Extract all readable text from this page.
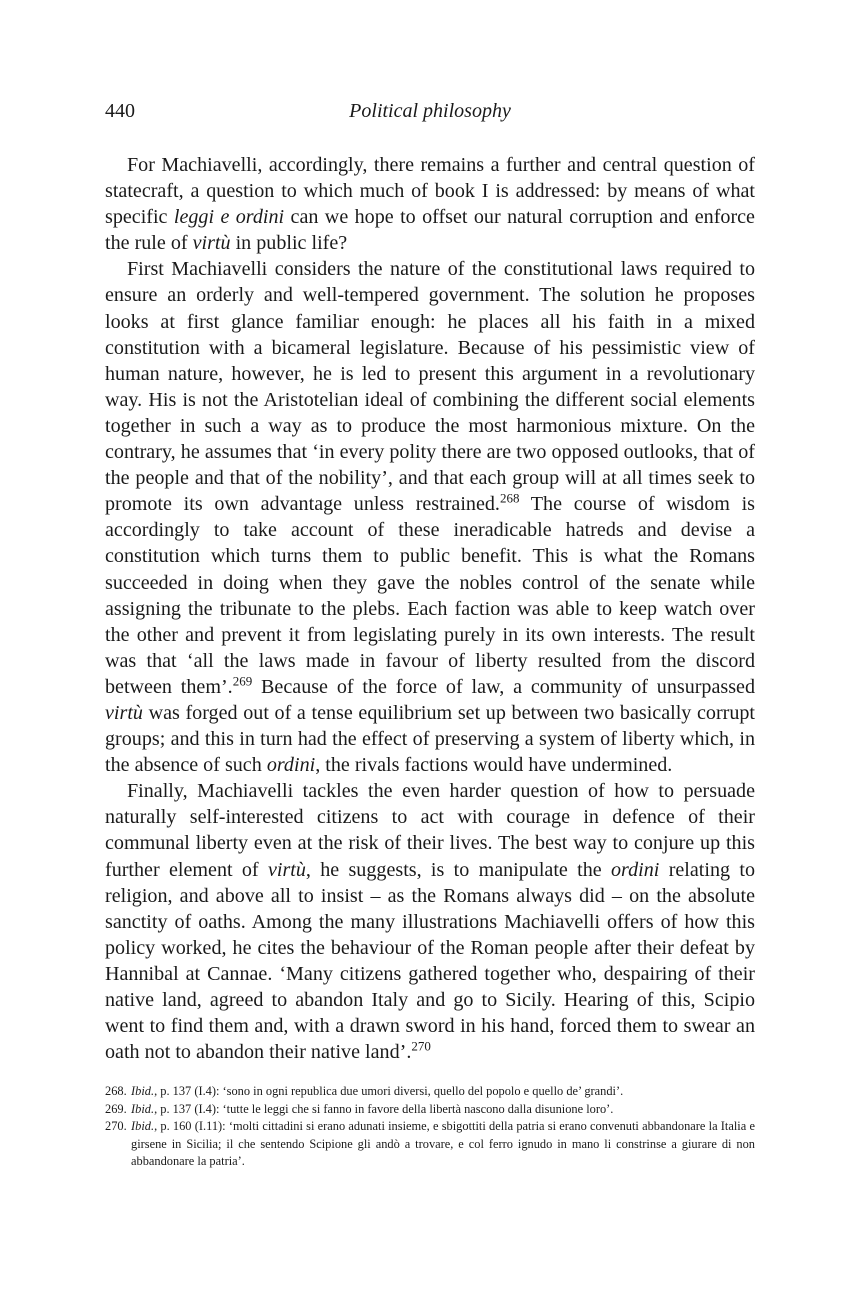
440	Political philosophy

For Machiavelli, accordingly, there remains a further and central question of statecraft, a question to which much of book I is addressed: by means of what specific leggi e ordini can we hope to offset our natural corruption and enforce the rule of virtù in public life?

First Machiavelli considers the nature of the constitutional laws required to ensure an orderly and well-tempered government. The solution he proposes looks at first glance familiar enough: he places all his faith in a mixed constitution with a bicameral legislature. Because of his pessimistic view of human nature, however, he is led to present this argument in a revolutionary way. His is not the Aristotelian ideal of combining the different social elements together in such a way as to produce the most harmonious mixture. On the contrary, he assumes that ‘in every polity there are two opposed outlooks, that of the people and that of the nobility’, and that each group will at all times seek to promote its own advantage unless restrained.$^{268}$ The course of wisdom is accordingly to take account of these ineradicable hatreds and devise a constitution which turns them to public benefit. This is what the Romans succeeded in doing when they gave the nobles control of the senate while assigning the tribunate to the plebs. Each faction was able to keep watch over the other and prevent it from legislating purely in its own interests. The result was that ‘all the laws made in favour of liberty resulted from the discord between them’.$^{269}$ Because of the force of law, a community of unsurpassed virtù was forged out of a tense equilibrium set up between two basically corrupt groups; and this in turn had the effect of preserving a system of liberty which, in the absence of such ordini, the rivals factions would have undermined.

Finally, Machiavelli tackles the even harder question of how to persuade naturally self-interested citizens to act with courage in defence of their communal liberty even at the risk of their lives. The best way to conjure up this further element of virtù, he suggests, is to manipulate the ordini relating to religion, and above all to insist – as the Romans always did – on the absolute sanctity of oaths. Among the many illustrations Machiavelli offers of how this policy worked, he cites the behaviour of the Roman people after their defeat by Hannibal at Cannae. ‘Many citizens gathered together who, despairing of their native land, agreed to abandon Italy and go to Sicily. Hearing of this, Scipio went to find them and, with a drawn sword in his hand, forced them to swear an oath not to abandon their native land’.$^{270}$

268. Ibid., p. 137 (I.4): ‘sono in ogni republica due umori diversi, quello del popolo e quello de’ grandi’.
269. Ibid., p. 137 (I.4): ‘tutte le leggi che si fanno in favore della libertà nascono dalla disunione loro’.
270. Ibid., p. 160 (I.11): ‘molti cittadini si erano adunati insieme, e sbigottiti della patria si erano convenuti abbandonare la Italia e girsene in Sicilia; il che sentendo Scipione gli andò a trovare, e col ferro ignudo in mano li constrinse a giurare di non abbandonare la patria’.
